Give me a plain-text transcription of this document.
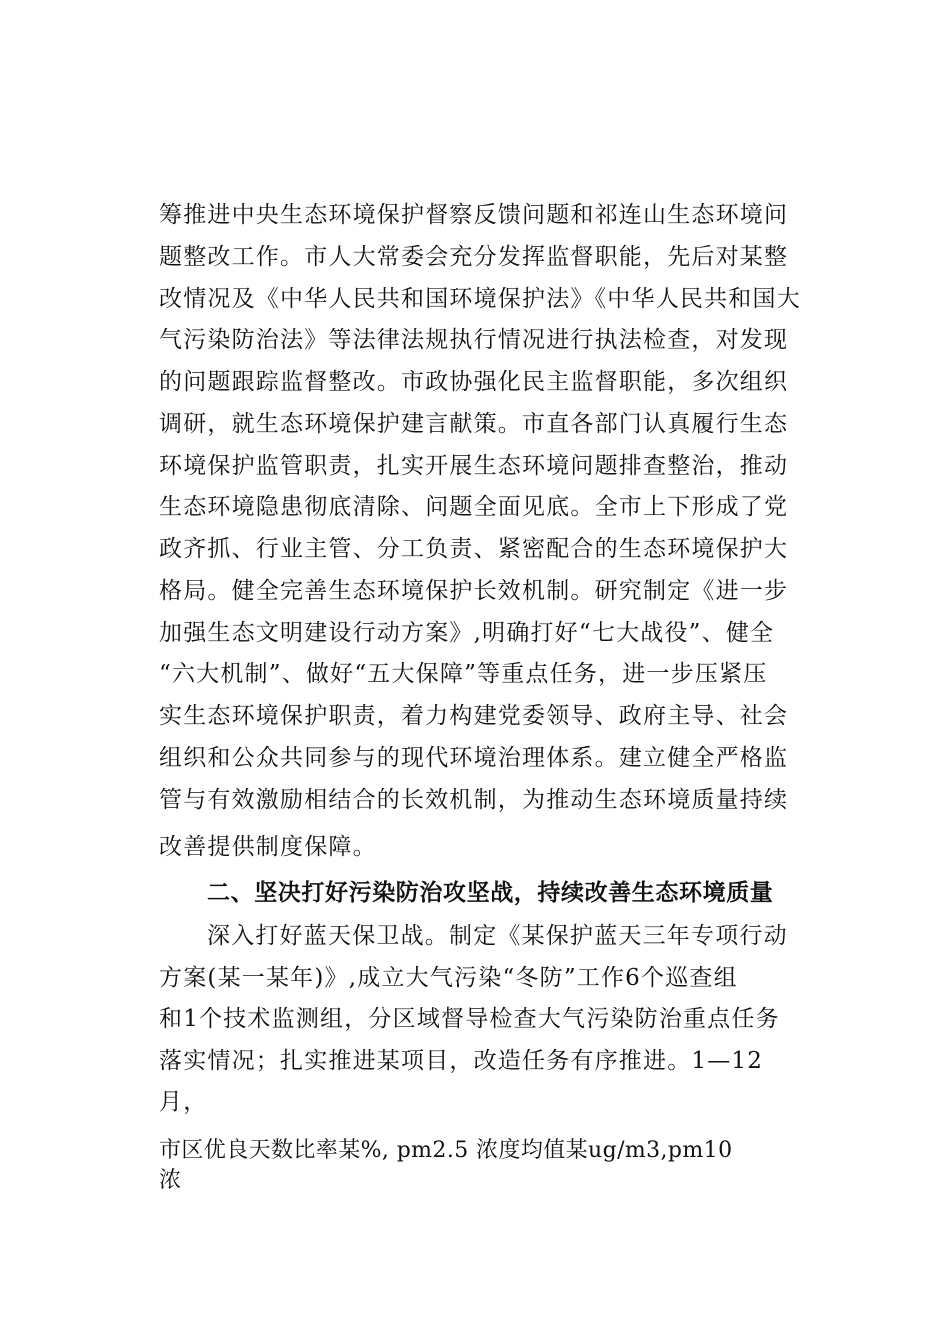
筹推进中央生态环境保护督察反馈问题和祁连山生态环境问
题整改工作。市人大常委会充分发挥监督职能，先后对某整
改情况及《中华人民共和国环境保护法》《中华人民共和国大
气污染防治法》等法律法规执行情况进行执法检查，对发现
的问题跟踪监督整改。市政协强化民主监督职能，多次组织
调研，就生态环境保护建言献策。市直各部门认真履行生态
环境保护监管职责，扎实开展生态环境问题排查整治，推动
生态环境隐患彻底清除、问题全面见底。全市上下形成了党
政齐抓、行业主管、分工负责、紧密配合的生态环境保护大
格局。健全完善生态环境保护长效机制。研究制定《进一步
加强生态文明建设行动方案》,明确打好“七大战役”、健全
“六大机制”、做好“五大保障”等重点任务，进一步压紧压
实生态环境保护职责，着力构建党委领导、政府主导、社会
组织和公众共同参与的现代环境治理体系。建立健全严格监
管与有效激励相结合的长效机制，为推动生态环境质量持续
改善提供制度保障。
二、坚决打好污染防治攻坚战，持续改善生态环境质量
深入打好蓝天保卫战。制定《某保护蓝天三年专项行动
方案(某一某年)》,成立大气污染“冬防”工作6个巡查组
和1个技术监测组，分区域督导检查大气污染防治重点任务
落实情况；扎实推进某项目，改造任务有序推进。1—12
月，
市区优良天数比率某%, pm2.5 浓度均值某ug/m3,pm10
浓
